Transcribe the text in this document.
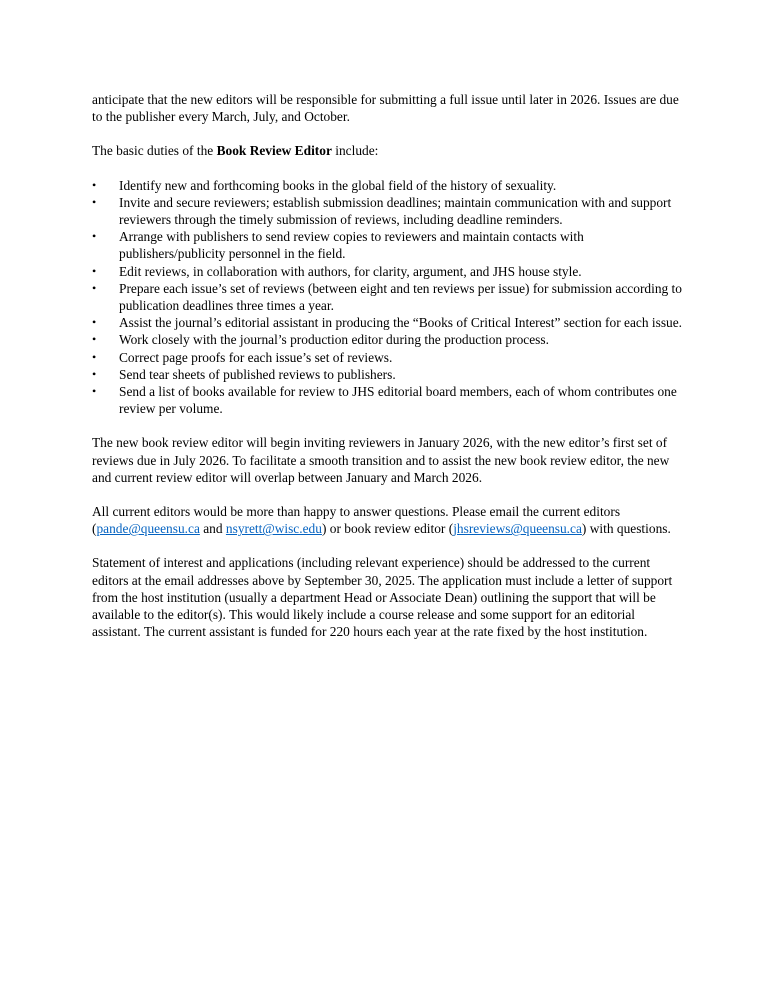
anticipate that the new editors will be responsible for submitting a full issue until later in 2026. Issues are due to the publisher every March, July, and October.

The basic duties of the Book Review Editor include:

•	Identify new and forthcoming books in the global field of the history of sexuality.
•	Invite and secure reviewers; establish submission deadlines; maintain communication with and support reviewers through the timely submission of reviews, including deadline reminders.
•	Arrange with publishers to send review copies to reviewers and maintain contacts with publishers/publicity personnel in the field.
•	Edit reviews, in collaboration with authors, for clarity, argument, and JHS house style.
•	Prepare each issue’s set of reviews (between eight and ten reviews per issue) for submission according to publication deadlines three times a year.
•	Assist the journal’s editorial assistant in producing the “Books of Critical Interest” section for each issue.
•	Work closely with the journal’s production editor during the production process.
•	Correct page proofs for each issue’s set of reviews.
•	Send tear sheets of published reviews to publishers.
•	Send a list of books available for review to JHS editorial board members, each of whom contributes one review per volume.

The new book review editor will begin inviting reviewers in January 2026, with the new editor’s first set of reviews due in July 2026. To facilitate a smooth transition and to assist the new book review editor, the new and current review editor will overlap between January and March 2026.

All current editors would be more than happy to answer questions. Please email the current editors (pande@queensu.ca and nsyrett@wisc.edu) or book review editor (jhsreviews@queensu.ca) with questions.

Statement of interest and applications (including relevant experience) should be addressed to the current editors at the email addresses above by September 30, 2025. The application must include a letter of support from the host institution (usually a department Head or Associate Dean) outlining the support that will be available to the editor(s). This would likely include a course release and some support for an editorial assistant. The current assistant is funded for 220 hours each year at the rate fixed by the host institution.
